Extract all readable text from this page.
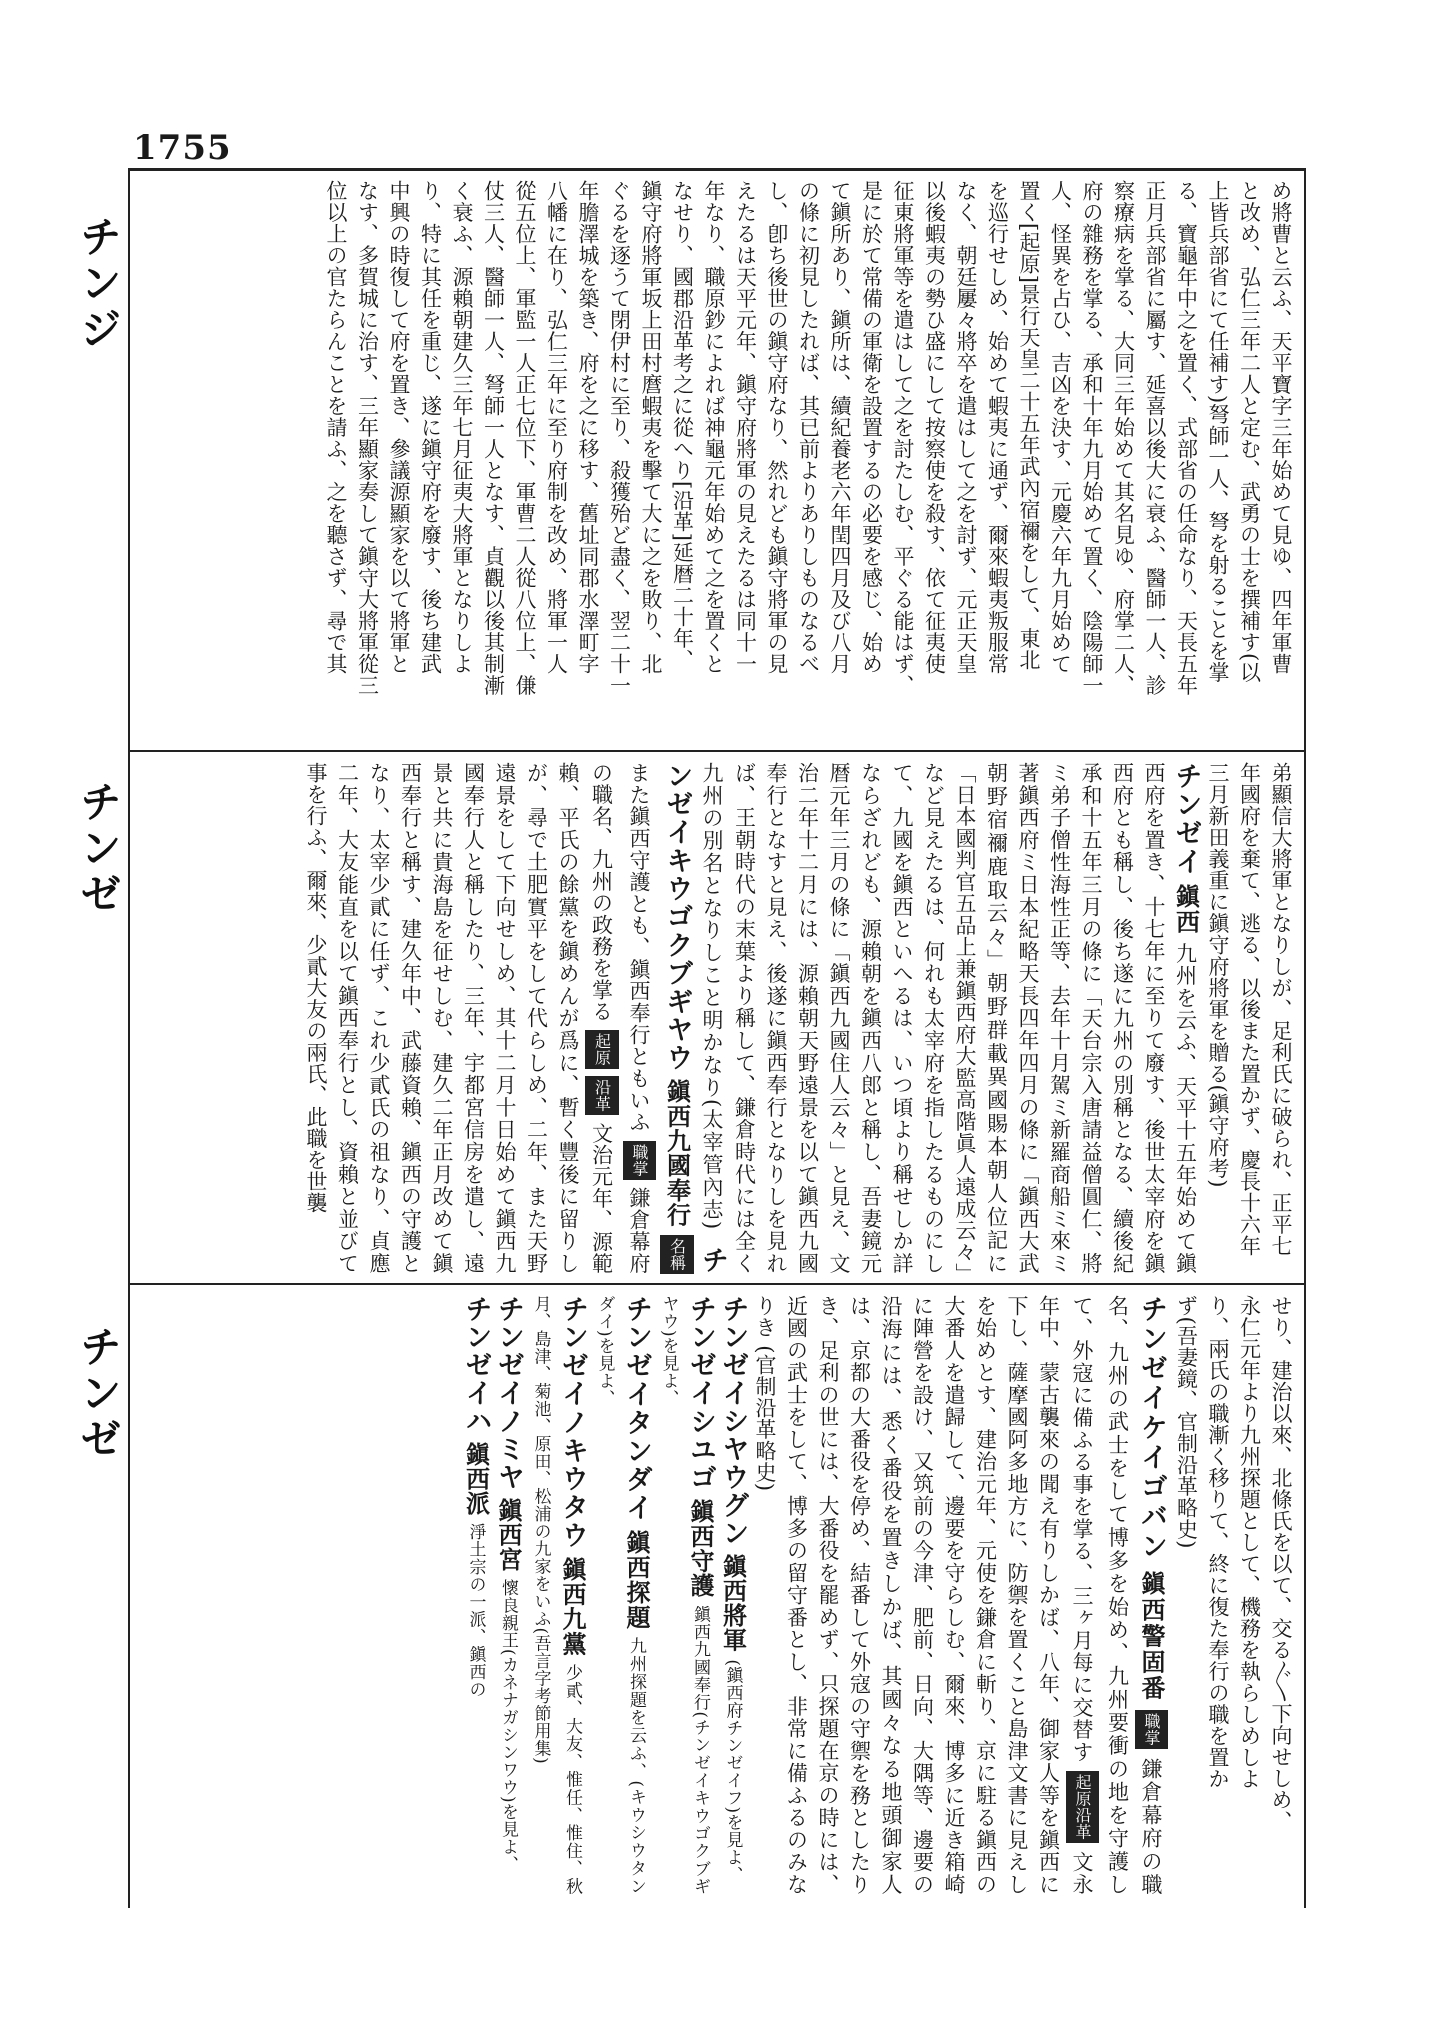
1755
チンジ
チンゼ
チンゼ
め將曹と云ふ、天平寶字三年始めて見ゆ、四年軍曹
と改め、弘仁三年二人と定む、武勇の士を撰補す(以
上皆兵部省にて任補す)弩師一人、弩を射ることを掌
る、寶龜年中之を置く、式部省の任命なり、天長五年
正月兵部省に屬す、延喜以後大に衰ふ、醫師一人、診
察療病を掌る、大同三年始めて其名見ゆ、府掌二人、
府の雜務を掌る、承和十年九月始めて置く、陰陽師一
人、怪異を占ひ、吉凶を決す、元慶六年九月始めて
置く[起原]景行天皇二十五年武內宿禰をして、東北
を巡行せしめ、始めて蝦夷に通ず、爾來蝦夷叛服常
なく、朝廷屢々將卒を遣はして之を討ず、元正天皇
以後蝦夷の勢ひ盛にして按察使を殺す、依て征夷使
征東將軍等を遣はして之を討たしむ、平ぐる能はず、
是に於て常備の軍衛を設置するの必要を感じ、始め
て鎭所あり、鎭所は、續紀養老六年閏四月及び八月
の條に初見したれば、其已前よりありしものなるべ
し、卽ち後世の鎭守府なり、然れども鎭守將軍の見
えたるは天平元年、鎭守府將軍の見えたるは同十一
年なり、職原鈔によれば神龜元年始めて之を置くと
なせり、國郡沿革考之に從へり[沿革]延暦二十年、
鎭守府將軍坂上田村麿蝦夷を擊て大に之を敗り、北
ぐるを逐うて閉伊村に至り、殺獲殆ど盡く、翌二十一
年膽澤城を築き、府を之に移す、舊址同郡水澤町字
八幡に在り、弘仁三年に至り府制を改め、將軍一人
從五位上、軍監一人正七位下、軍曹二人從八位上、傔
仗三人、醫師一人、弩師一人となす、貞觀以後其制漸
く衰ふ、源賴朝建久三年七月征夷大將軍となりしよ
り、特に其任を重じ、遂に鎭守府を廢す、後ち建武
中興の時復して府を置き、參議源顯家を以て將軍と
なす、多賀城に治す、三年顯家奏して鎭守大將軍從三
位以上の官たらんことを請ふ、之を聽さず、尋で其
弟顯信大將軍となりしが、足利氏に破られ、正平七
年國府を棄て、逃る、以後また置かず、慶長十六年
三月新田義重に鎭守府將軍を贈る(鎭守府考)
チンゼイ 鎭西 九州を云ふ、天平十五年始めて鎭西府を置き、十七年に至りて廢す、後世太宰府を鎭西府とも稱し、後ち遂に九州の別稱となる、續後紀承和十五年三月の條に「天台宗入唐請益僧圓仁、將ミ弟子僧性海性正等、去年十月駕ミ新羅商船ミ來ミ著鎭西府ミ日本紀略天長四年四月の條に「鎭西大武朝野宿禰鹿取云々」朝野群載異國賜本朝人位記に「日本國判官五品上兼鎭西府大監高階眞人遠成云々」など見えたるは、何れも太宰府を指したるものにして、九國を鎭西といへるは、いつ頃より稱せしか詳ならざれども、源賴朝を鎭西八郎と稱し、吾妻鏡元暦元年三月の條に「鎭西九國住人云々」と見え、文治二年十二月には、源賴朝天野遠景を以て鎭西九國奉行となすと見え、後遂に鎭西奉行となりしを見れば、王朝時代の末葉より稱して、鎌倉時代には全く九州の別名となりしこと明かなり(太宰管內志)  チンゼイキウゴクブギヤウ 鎭西九國奉行 名稱 また鎭西守護とも、鎭西奉行ともいふ 職掌 鎌倉幕府の職名、九州の政務を掌る 起原 沿革 文治元年、源範賴、平氏の餘黨を鎭めんが爲に、暫く豐後に留りしが、尋で土肥實平をして代らしめ、二年、また天野遠景をして下向せしめ、其十二月十日始めて鎭西九國奉行人と稱したり、三年、宇都宮信房を遣し、遠景と共に貴海島を征せしむ、建久二年正月改めて鎭西奉行と稱す、建久年中、武藤資賴、鎭西の守護となり、太宰少貳に任ず、これ少貳氏の祖なり、貞應二年、大友能直を以て鎭西奉行とし、資賴と並びて事を行ふ、爾來、少貳大友の兩氏、此職を世襲
せり、建治以來、北條氏を以て、交る〴〵下向せしめ、
永仁元年より九州探題として、機務を執らしめしよ
り、兩氏の職漸く移りて、終に復た奉行の職を置か
ず(吾妻鏡、官制沿革略史)
チンゼイケイゴバン 鎭西警固番 職掌 鎌倉幕府の職名、九州の武士をして博多を始め、九州要衝の地を守護して、外寇に備ふる事を掌る、三ヶ月每に交替す 起原沿革 文永年中、蒙古襲來の聞え有りしかば、八年、御家人等を鎭西に下し、薩摩國阿多地方に、防禦を置くこと島津文書に見えしを始めとす、建治元年、元使を鎌倉に斬り、京に駐る鎭西の大番人を遣歸して、邊要を守らしむ、爾來、博多に近き箱崎に陣營を設け、又筑前の今津、肥前、日向、大隅等、邊要の沿海には、悉く番役を置きしかば、其國々なる地頭御家人は、京都の大番役を停め、結番して外寇の守禦を務としたりき、足利の世には、大番役を罷めず、只探題在京の時には、近國の武士をして、博多の留守番とし、非常に備ふるのみなりき (官制沿革略史)
チンゼイシヤウグン 鎭西將軍 (鎭西府チンゼイフ)を見よ、
チンゼイシユゴ 鎭西守護 鎭西九國奉行(チンゼイキウゴクブギヤウ)を見よ、
チンゼイタンダイ 鎭西探題 九州探題を云ふ、(キウシウタンダイ)を見よ、
チンゼイノキウタウ 鎭西九黨 少貳、大友、惟任、惟住、秋月、島津、菊池、原田、松浦の九家をいふ(吾言字考節用集)
チンゼイノミヤ 鎭西宮 懷良親王(カネナガシンワウ)を見よ、
チンゼイハ 鎭西派 淨土宗の一派、鎭西の
